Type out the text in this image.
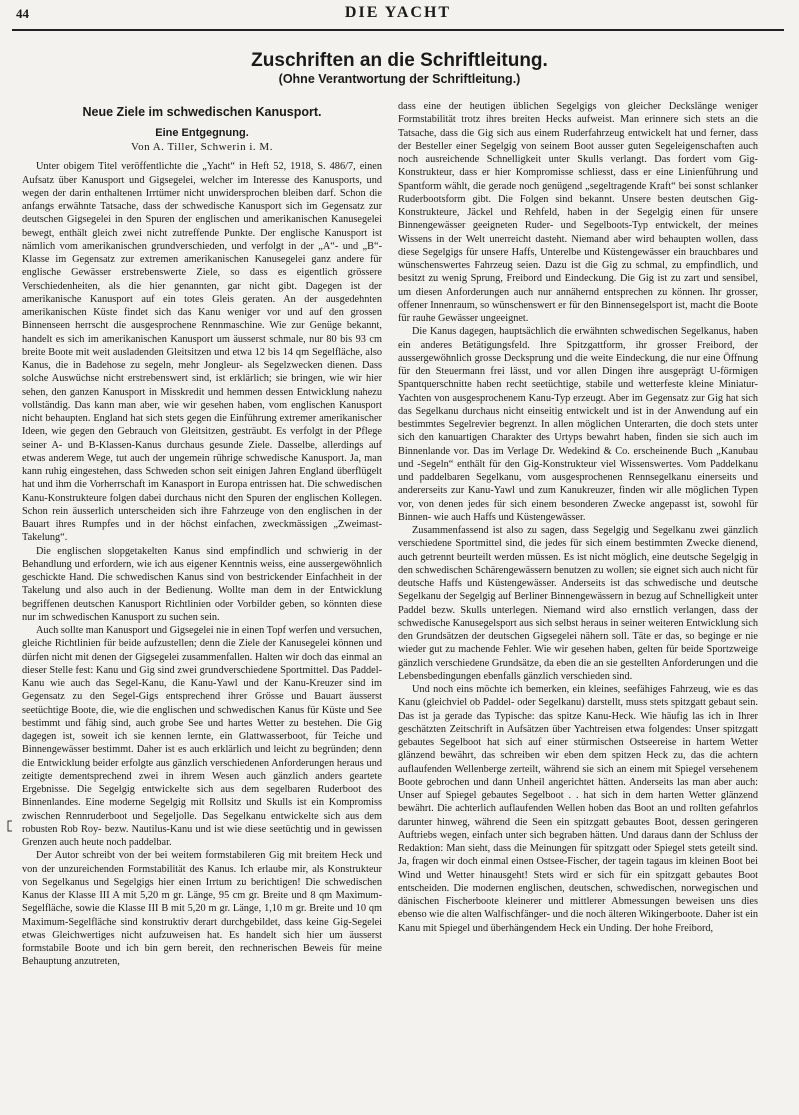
44	DIE YACHT
Zuschriften an die Schriftleitung.
(Ohne Verantwortung der Schriftleitung.)
Neue Ziele im schwedischen Kanusport.
Eine Entgegnung.
Von A. Tiller, Schwerin i. M.

Unter obigem Titel veröffentlichte die „Yacht“ in Heft 52, 1918, S. 486/7, einen Aufsatz über Kanusport und Gigsegelei, welcher im Interesse des Kanusports, und wegen der darin enthaltenen Irrtümer nicht unwidersprochen bleiben darf. Schon die anfangs erwähnte Tatsache, dass der schwedische Kanusport sich im Gegensatz zur deutschen Gigsegelei in den Spuren der englischen und amerikanischen Kanusegelei bewegt, enthält gleich zwei nicht zutreffende Punkte. Der englische Kanusport ist nämlich vom amerikanischen grundverschieden, und verfolgt in der „A“- und „B“-Klasse im Gegensatz zur extremen amerikanischen Kanusegelei ganz andere für englische Gewässer erstrebenswerte Ziele, so dass es eigentlich grössere Verschiedenheiten, als die hier genannten, gar nicht gibt. Dagegen ist der amerikanische Kanusport auf ein totes Gleis geraten. An der ausgedehnten amerikanischen Küste findet sich das Kanu weniger vor und auf den grossen Binnenseen herrscht die ausgesprochene Rennmaschine. Wie zur Genüge bekannt, handelt es sich im amerikanischen Kanusport um äusserst schmale, nur 80 bis 93 cm breite Boote mit weit ausladenden Gleitsitzen und etwa 12 bis 14 qm Segelfläche, also Kanus, die in Badehose zu segeln, mehr Jongleur- als Segelzwecken dienen. Dass solche Auswüchse nicht erstrebenswert sind, ist erklärlich; sie bringen, wie wir hier sehen, den ganzen Kanusport in Misskredit und hemmen dessen Entwicklung nahezu vollständig. Das kann man aber, wie wir gesehen haben, vom englischen Kanusport nicht behaupten. England hat sich stets gegen die Einführung extremer amerikanischer Ideen, wie gegen den Gebrauch von Gleitsitzen, gesträubt. Es verfolgt in der Pflege seiner A- und B-Klassen-Kanus durchaus gesunde Ziele. Dasselbe, allerdings auf etwas anderem Wege, tut auch der ungemein rührige schwedische Kanusport. Ja, man kann ruhig eingestehen, dass Schweden schon seit einigen Jahren England überflügelt hat und ihm die Vorherrschaft im Kanasport in Europa entrissen hat. Die schwedischen Kanu-Konstrukteure folgen dabei durchaus nicht den Spuren der englischen Kollegen. Schon rein äusserlich unterscheiden sich ihre Fahrzeuge von den englischen in der Bauart ihres Rumpfes und in der höchst einfachen, zweckmässigen „Zweimast-Takelung“.

Die englischen slopgetakelten Kanus sind empfindlich und schwierig in der Behandlung und erfordern, wie ich aus eigener Kenntnis weiss, eine aussergewöhnlich geschickte Hand. Die schwedischen Kanus sind von bestrickender Einfachheit in der Takelung und also auch in der Bedienung. Wollte man dem in der Entwicklung begriffenen deutschen Kanusport Richtlinien oder Vorbilder geben, so könnten diese nur im schwedischen Kanusport zu suchen sein.

Auch sollte man Kanusport und Gigsegelei nie in einen Topf werfen und versuchen, gleiche Richtlinien für beide aufzustellen; denn die Ziele der Kanusegelei können und dürfen nicht mit denen der Gigsegelei zusammenfallen. Halten wir doch das einmal an dieser Stelle fest: Kanu und Gig sind zwei grundverschiedene Sportmittel. Das Paddel-Kanu wie auch das Segel-Kanu, die Kanu-Yawl und der Kanu-Kreuzer sind im Gegensatz zu den Segel-Gigs entsprechend ihrer Grösse und Bauart äusserst seetüchtige Boote, die, wie die englischen und schwedischen Kanus für Küste und See bestimmt und fähig sind, auch grobe See und hartes Wetter zu bestehen. Die Gig dagegen ist, soweit ich sie kennen lernte, ein Glattwasserboot, für Teiche und Binnengewässer bestimmt. Daher ist es auch erklärlich und leicht zu begründen; denn die Entwicklung beider erfolgte aus gänzlich verschiedenen Anforderungen heraus und zeitigte dementsprechend zwei in ihrem Wesen auch gänzlich anders geartete Ergebnisse. Die Segelgig entwickelte sich aus dem segelbaren Ruderboot des Binnenlandes. Eine moderne Segelgig mit Rollsitz und Skulls ist ein Kompromiss zwischen Rennruderboot und Segeljolle. Das Segelkanu entwickelte sich aus dem robusten Rob Roy- bezw. Nautilus-Kanu und ist wie diese seetüchtig und in gewissen Grenzen auch heute noch paddelbar.

Der Autor schreibt von der bei weitem formstabileren Gig mit breitem Heck und von der unzureichenden Formstabilität des Kanus. Ich erlaube mir, als Konstrukteur von Segelkanus und Segelgigs hier einen Irrtum zu berichtigen! Die schwedischen Kanus der Klasse III A mit 5,20 m gr. Länge, 95 cm gr. Breite und 8 qm Maximum-Segelfläche, sowie die Klasse III B mit 5,20 m gr. Länge, 1,10 m gr. Breite und 10 qm Maximum-Segelfläche sind konstruktiv derart durchgebildet, dass keine Gig-Segelei etwas Gleichwertiges nicht aufzuweisen hat. Es handelt sich hier um äusserst formstabile Boote und ich bin gern bereit, den rechnerischen Beweis für meine Behauptung anzutreten,

dass eine der heutigen üblichen Segelgigs von gleicher Deckslänge weniger Formstabilität trotz ihres breiten Hecks aufweist. Man erinnere sich stets an die Tatsache, dass die Gig sich aus einem Ruderfahrzeug entwickelt hat und ferner, dass der Besteller einer Segelgig von seinem Boot ausser guten Segeleigenschaften auch noch ausreichende Schnelligkeit unter Skulls verlangt. Das fordert vom Gig-Konstrukteur, dass er hier Kompromisse schliesst, dass er eine Linienführung und Spantform wählt, die gerade noch genügend „segeltragende Kraft“ bei sonst schlanker Ruderbootsform gibt. Die Folgen sind bekannt. Unsere besten deutschen Gig-Konstrukteure, Jäckel und Rehfeld, haben in der Segelgig einen für unsere Binnengewässer geeigneten Ruder- und Segelboots-Typ entwickelt, der meines Wissens in der Welt unerreicht dasteht. Niemand aber wird behaupten wollen, dass diese Segelgigs für unsere Haffs, Unterelbe und Küstengewässer ein brauchbares und wünschenswertes Fahrzeug seien. Dazu ist die Gig zu schmal, zu empfindlich, und besitzt zu wenig Sprung, Freibord und Eindeckung. Die Gig ist zu zart und sensibel, um diesen Anforderungen auch nur annähernd entsprechen zu können. Ihr grosser, offener Innenraum, so wünschenswert er für den Binnensegelsport ist, macht die Boote für rauhe Gewässer ungeeignet.

Die Kanus dagegen, hauptsächlich die erwähnten schwedischen Segelkanus, haben ein anderes Betätigungsfeld. Ihre Spitzgattform, ihr grosser Freibord, der aussergewöhnlich grosse Decksprung und die weite Eindeckung, die nur eine Öffnung für den Steuermann frei lässt, und vor allen Dingen ihre ausgeprägt U-förmigen Spantquerschnitte haben recht seetüchtige, stabile und wetterfeste kleine Miniatur-Yachten von ausgesprochenem Kanu-Typ erzeugt. Aber im Gegensatz zur Gig hat sich das Segelkanu durchaus nicht einseitig entwickelt und ist in der Anwendung auf ein bestimmtes Segelrevier begrenzt. In allen möglichen Unterarten, die doch stets unter sich den kanuartigen Charakter des Urtyps bewahrt haben, finden sie sich auch im Binnenlande vor. Das im Verlage Dr. Wedekind & Co. erscheinende Buch „Kanubau und -Segeln“ enthält für den Gig-Konstrukteur viel Wissenswertes. Vom Paddelkanu und paddelbaren Segelkanu, vom ausgesprochenen Rennsegelkanu einerseits und andererseits zur Kanu-Yawl und zum Kanukreuzer, finden wir alle möglichen Typen vor, von denen jedes für sich einem besonderen Zwecke angepasst ist, sowohl für Binnen- wie auch Haffs und Küstengewässer.

Zusammenfassend ist also zu sagen, dass Segelgig und Segelkanu zwei gänzlich verschiedene Sportmittel sind, die jedes für sich einem bestimmten Zwecke dienend, auch getrennt beurteilt werden müssen. Es ist nicht möglich, eine deutsche Segelgig in den schwedischen Schärengewässern benutzen zu wollen; sie eignet sich auch nicht für deutsche Haffs und Küstengewässer. Anderseits ist das schwedische und deutsche Segelkanu der Segelgig auf Berliner Binnengewässern in bezug auf Schnelligkeit unter Paddel bezw. Skulls unterlegen. Niemand wird also ernstlich verlangen, dass der schwedische Kanusegelsport aus sich selbst heraus in seiner weiteren Entwicklung sich den Grundsätzen der deutschen Gigsegelei nähern soll. Täte er das, so beginge er nie wieder gut zu machende Fehler. Wie wir gesehen haben, gelten für beide Sportzweige gänzlich verschiedene Grundsätze, da eben die an sie gestellten Anforderungen und die Lebensbedingungen ebenfalls gänzlich verschieden sind.

Und noch eins möchte ich bemerken, ein kleines, seefähiges Fahrzeug, wie es das Kanu (gleichviel ob Paddel- oder Segelkanu) darstellt, muss stets spitzgatt gebaut sein. Das ist ja gerade das Typische: das spitze Kanu-Heck. Wie häufig las ich in Ihrer geschätzten Zeitschrift in Aufsätzen über Yachtreisen etwa folgendes: Unser spitzgatt gebautes Segelboot hat sich auf einer stürmischen Ostseereise in hartem Wetter glänzend bewährt, das schreiben wir eben dem spitzen Heck zu, das die achtern auflaufenden Wellenberge zerteilt, während sie sich an einem mit Spiegel versehenem Boote gebrochen und dann Unheil angerichtet hätten. Anderseits las man aber auch: Unser auf Spiegel gebautes Segelboot . . hat sich in dem harten Wetter glänzend bewährt. Die achterlich auflaufenden Wellen hoben das Boot an und rollten gefahrlos darunter hinweg, während die Seen ein spitzgatt gebautes Boot, dessen geringeren Auftriebs wegen, einfach unter sich begraben hätten. Und daraus dann der Schluss der Redaktion: Man sieht, dass die Meinungen für spitzgatt oder Spiegel stets geteilt sind. Ja, fragen wir doch einmal einen Ostsee-Fischer, der tagein tagaus im kleinen Boot bei Wind und Wetter hinausgeht! Stets wird er sich für ein spitzgatt gebautes Boot entscheiden. Die modernen englischen, deutschen, schwedischen, norwegischen und dänischen Fischerboote kleinerer und mittlerer Abmessungen beweisen uns dies ebenso wie die alten Walfischfänger- und die noch älteren Wikingerboote. Daher ist ein Kanu mit Spiegel und überhängendem Heck ein Unding. Der hohe Freibord,
